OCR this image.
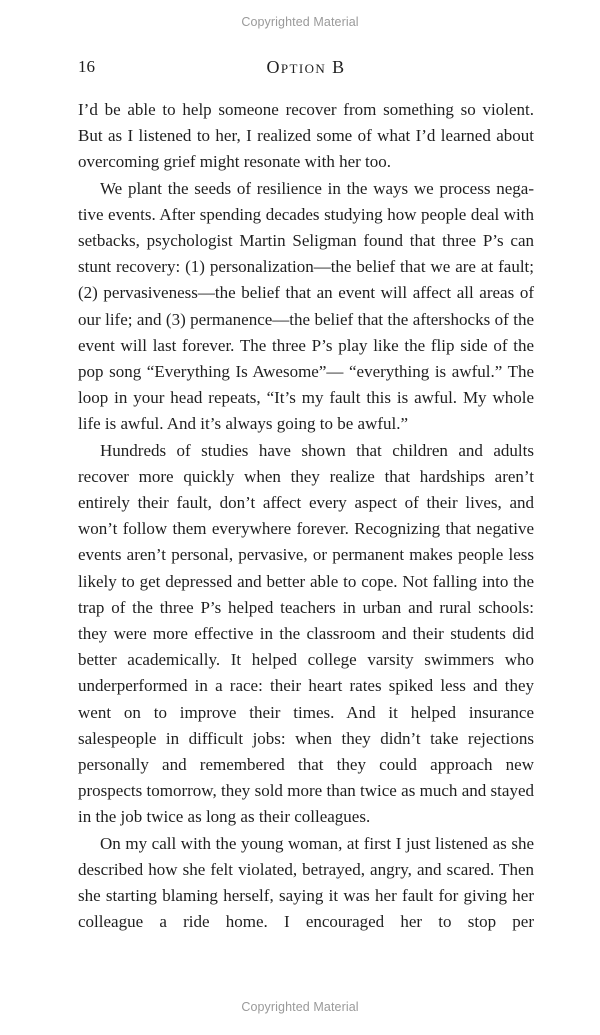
Copyrighted Material
16	Option B

I’d be able to help someone recover from something so violent. But as I listened to her, I realized some of what I’d learned about overcoming grief might resonate with her too.

We plant the seeds of resilience in the ways we process negative events. After spending decades studying how people deal with setbacks, psychologist Martin Seligman found that three P’s can stunt recovery: (1) personalization—the belief that we are at fault; (2) pervasiveness—the belief that an event will affect all areas of our life; and (3) permanence—the belief that the aftershocks of the event will last forever. The three P’s play like the flip side of the pop song “Everything Is Awesome”— “everything is awful.” The loop in your head repeats, “It’s my fault this is awful. My whole life is awful. And it’s always going to be awful.”

Hundreds of studies have shown that children and adults recover more quickly when they realize that hardships aren’t entirely their fault, don’t affect every aspect of their lives, and won’t follow them everywhere forever. Recognizing that negative events aren’t personal, pervasive, or permanent makes people less likely to get depressed and better able to cope. Not falling into the trap of the three P’s helped teachers in urban and rural schools: they were more effective in the classroom and their students did better academically. It helped college varsity swimmers who underperformed in a race: their heart rates spiked less and they went on to improve their times. And it helped insurance salespeople in difficult jobs: when they didn’t take rejections personally and remembered that they could approach new prospects tomorrow, they sold more than twice as much and stayed in the job twice as long as their colleagues.

On my call with the young woman, at first I just listened as she described how she felt violated, betrayed, angry, and scared. Then she starting blaming herself, saying it was her fault for giving her colleague a ride home. I encouraged her to stop per

Copyrighted Material
